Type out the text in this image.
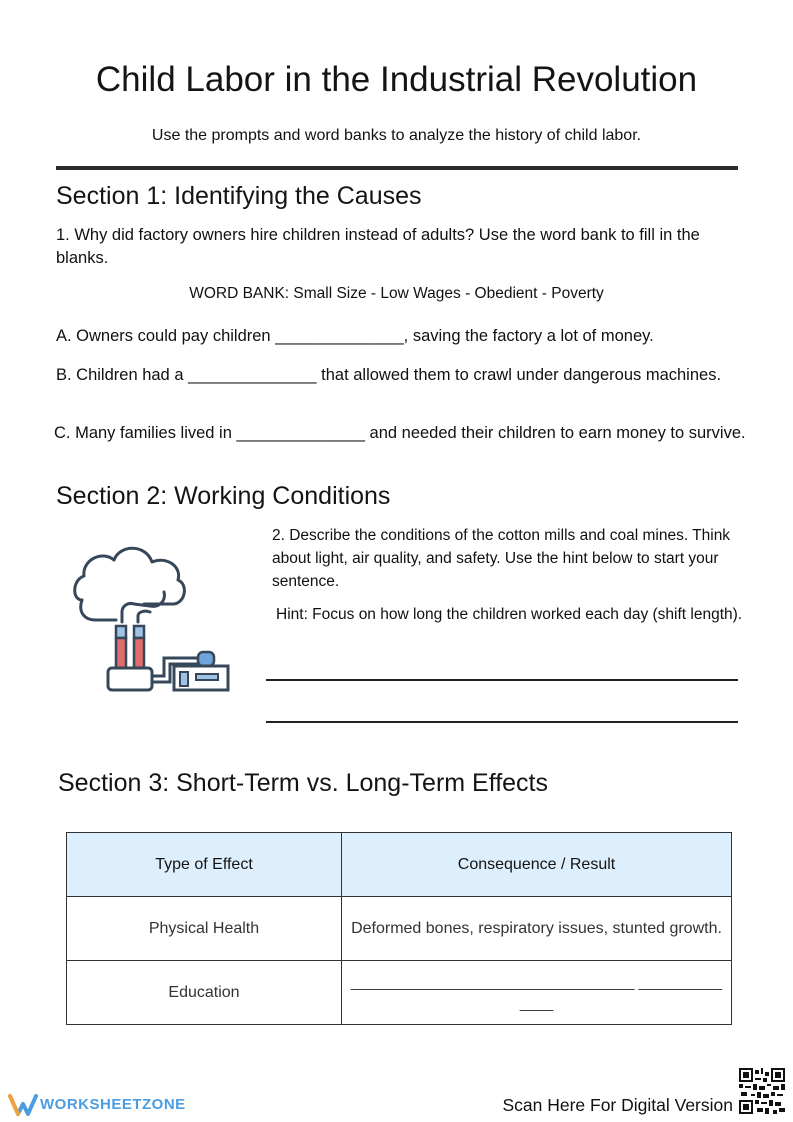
Child Labor in the Industrial Revolution
Use the prompts and word banks to analyze the history of child labor.
Section 1: Identifying the Causes
1. Why did factory owners hire children instead of adults? Use the word bank to fill in the blanks.
WORD BANK: Small Size - Low Wages - Obedient - Poverty
A. Owners could pay children ______________, saving the factory a lot of money.
B. Children had a ______________ that allowed them to crawl under dangerous machines.
C. Many families lived in ______________ and needed their children to earn money to survive.
Section 2: Working Conditions
2. Describe the conditions of the cotton mills and coal mines. Think about light, air quality, and safety. Use the hint below to start your sentence.
Hint: Focus on how long the children worked each day (shift length).
Section 3: Short-Term vs. Long-Term Effects
Type of Effect	Consequence / Result
Physical Health	Deformed bones, respiratory issues, stunted growth.
Education	__________________________________ ______________
WORKSHEETZONE	Scan Here For Digital Version
